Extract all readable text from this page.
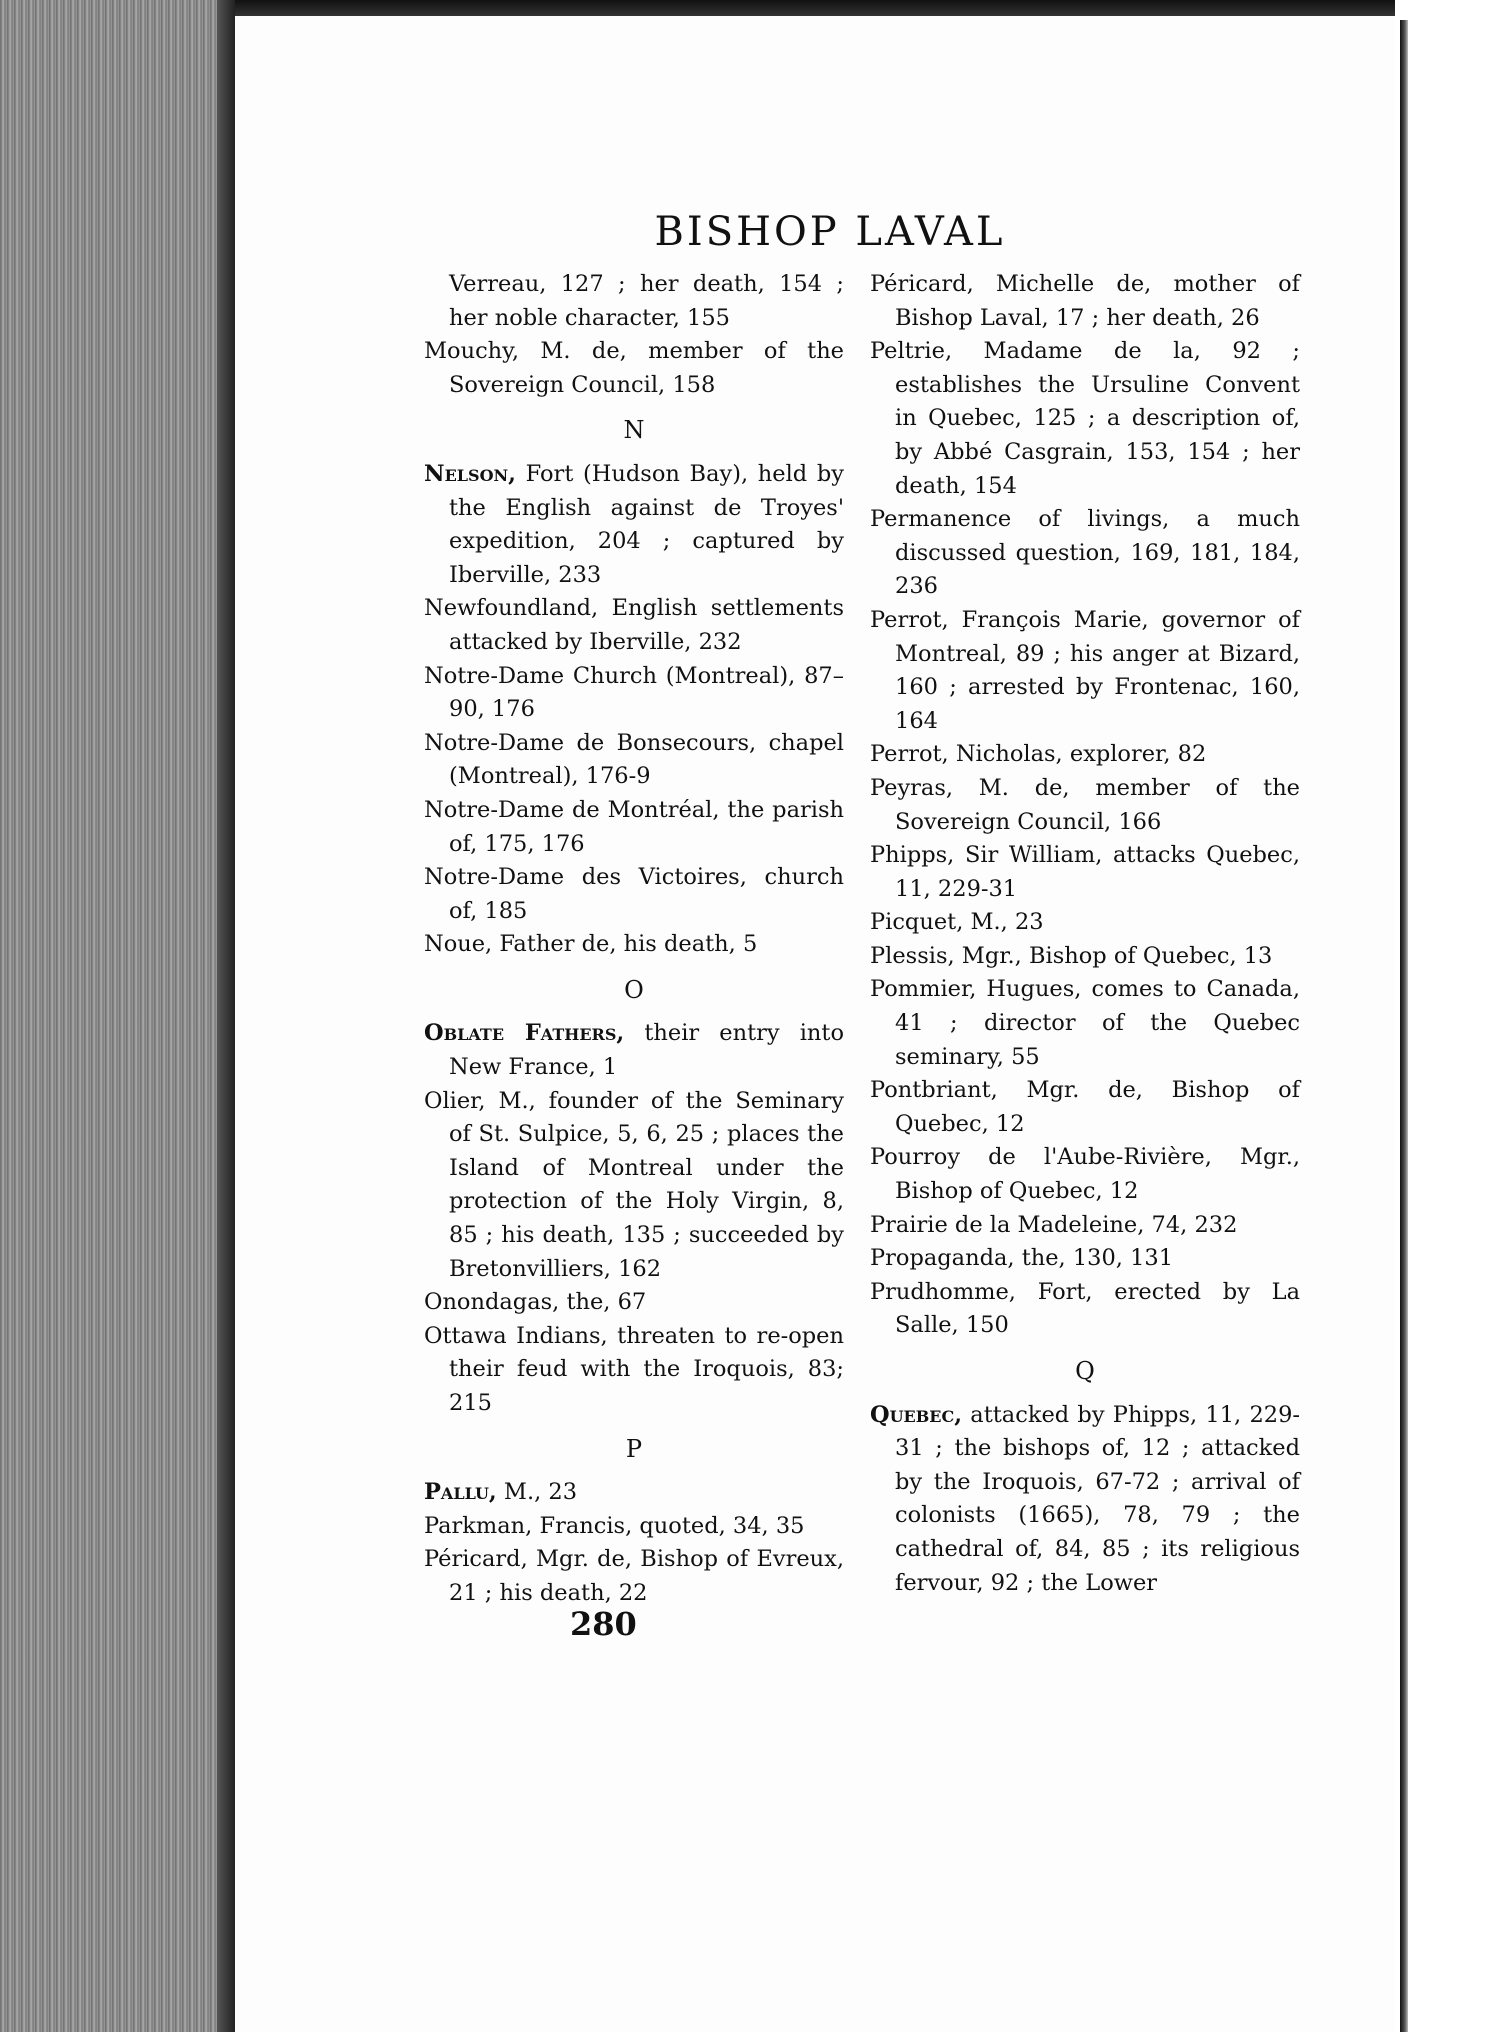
BISHOP LAVAL
Verreau, 127 ; her death, 154 ; her noble character, 155
Mouchy, M. de, member of the Sovereign Council, 158
N
Nelson, Fort (Hudson Bay), held by the English against de Troyes' expedition, 204 ; captured by Iberville, 233
Newfoundland, English settlements attacked by Iberville, 232
Notre-Dame Church (Montreal), 87–90, 176
Notre-Dame de Bonsecours, chapel (Montreal), 176-9
Notre-Dame de Montréal, the parish of, 175, 176
Notre-Dame des Victoires, church of, 185
Noue, Father de, his death, 5
O
Oblate Fathers, their entry into New France, 1
Olier, M., founder of the Seminary of St. Sulpice, 5, 6, 25 ; places the Island of Montreal under the protection of the Holy Virgin, 8, 85 ; his death, 135 ; succeeded by Bretonvilliers, 162
Onondagas, the, 67
Ottawa Indians, threaten to re-open their feud with the Iroquois, 83; 215
P
Pallu, M., 23
Parkman, Francis, quoted, 34, 35
Péricard, Mgr. de, Bishop of Evreux, 21 ; his death, 22
Péricard, Michelle de, mother of Bishop Laval, 17 ; her death, 26
Peltrie, Madame de la, 92 ; establishes the Ursuline Convent in Quebec, 125 ; a description of, by Abbé Casgrain, 153, 154 ; her death, 154
Permanence of livings, a much discussed question, 169, 181, 184, 236
Perrot, François Marie, governor of Montreal, 89 ; his anger at Bizard, 160 ; arrested by Frontenac, 160, 164
Perrot, Nicholas, explorer, 82
Peyras, M. de, member of the Sovereign Council, 166
Phipps, Sir William, attacks Quebec, 11, 229-31
Picquet, M., 23
Plessis, Mgr., Bishop of Quebec, 13
Pommier, Hugues, comes to Canada, 41 ; director of the Quebec seminary, 55
Pontbriant, Mgr. de, Bishop of Quebec, 12
Pourroy de l'Aube-Rivière, Mgr., Bishop of Quebec, 12
Prairie de la Madeleine, 74, 232
Propaganda, the, 130, 131
Prudhomme, Fort, erected by La Salle, 150
Q
Quebec, attacked by Phipps, 11, 229-31 ; the bishops of, 12 ; attacked by the Iroquois, 67-72 ; arrival of colonists (1665), 78, 79 ; the cathedral of, 84, 85 ; its religious fervour, 92 ; the Lower
280
